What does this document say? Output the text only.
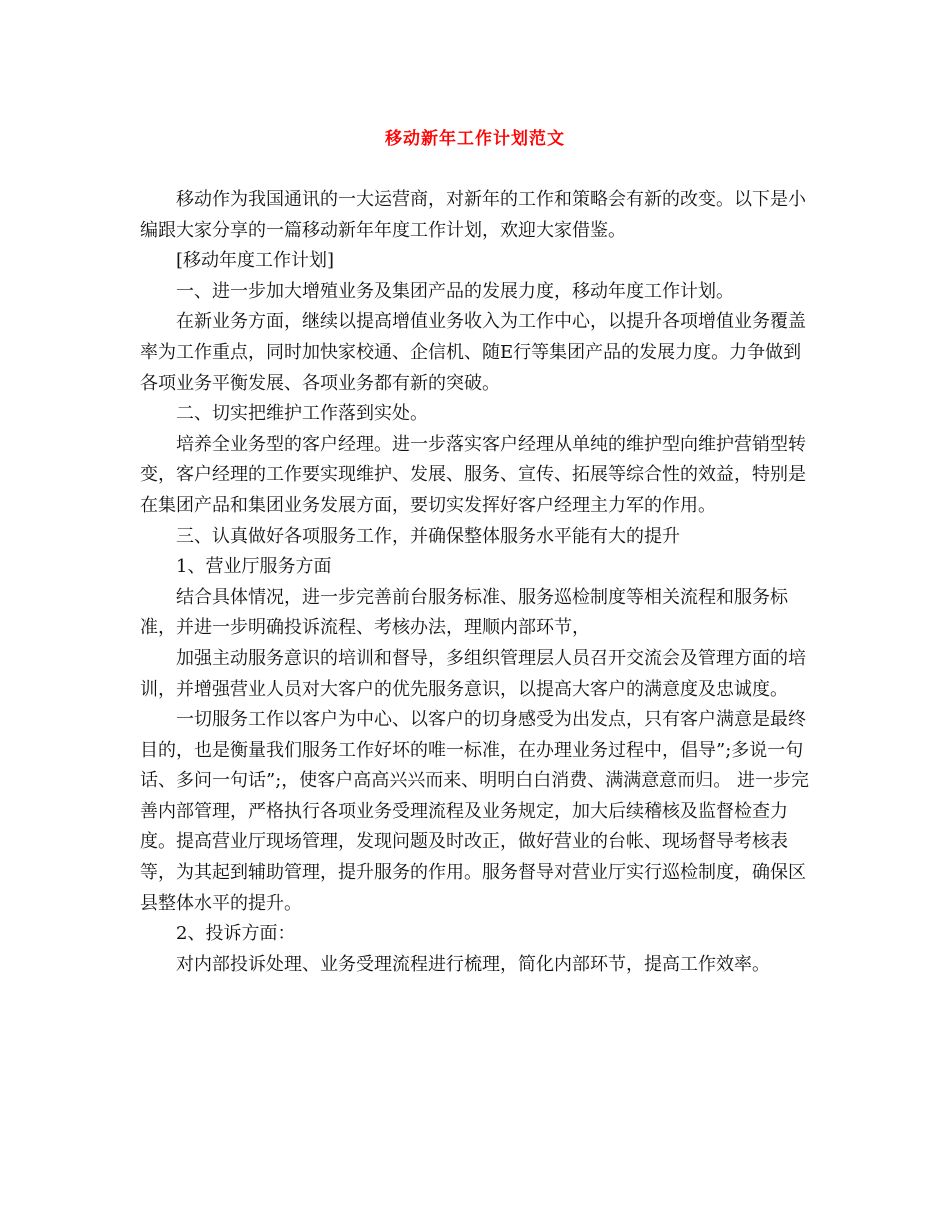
移动新年工作计划范文

移动作为我国通讯的一大运营商，对新年的工作和策略会有新的改变。以下是小编跟大家分享的一篇移动新年年度工作计划，欢迎大家借鉴。

[移动年度工作计划]

一、进一步加大增殖业务及集团产品的发展力度，移动年度工作计划。

在新业务方面，继续以提高增值业务收入为工作中心，以提升各项增值业务覆盖率为工作重点，同时加快家校通、企信机、随E行等集团产品的发展力度。力争做到各项业务平衡发展、各项业务都有新的突破。

二、切实把维护工作落到实处。

培养全业务型的客户经理。进一步落实客户经理从单纯的维护型向维护营销型转变，客户经理的工作要实现维护、发展、服务、宣传、拓展等综合性的效益，特别是在集团产品和集团业务发展方面，要切实发挥好客户经理主力军的作用。

三、认真做好各项服务工作，并确保整体服务水平能有大的提升

1、营业厅服务方面

结合具体情况，进一步完善前台服务标准、服务巡检制度等相关流程和服务标准，并进一步明确投诉流程、考核办法，理顺内部环节，

加强主动服务意识的培训和督导，多组织管理层人员召开交流会及管理方面的培训，并增强营业人员对大客户的优先服务意识，以提高大客户的满意度及忠诚度。

一切服务工作以客户为中心、以客户的切身感受为出发点，只有客户满意是最终目的，也是衡量我们服务工作好坏的唯一标准，在办理业务过程中，倡导”;多说一句话、多问一句话”;，使客户高高兴兴而来、明明白白消费、满满意意而归。 进一步完善内部管理，严格执行各项业务受理流程及业务规定，加大后续稽核及监督检查力度。提高营业厅现场管理，发现问题及时改正，做好营业的台帐、现场督导考核表等，为其起到辅助管理，提升服务的作用。服务督导对营业厅实行巡检制度，确保区县整体水平的提升。

2、投诉方面：

对内部投诉处理、业务受理流程进行梳理，简化内部环节，提高工作效率。
